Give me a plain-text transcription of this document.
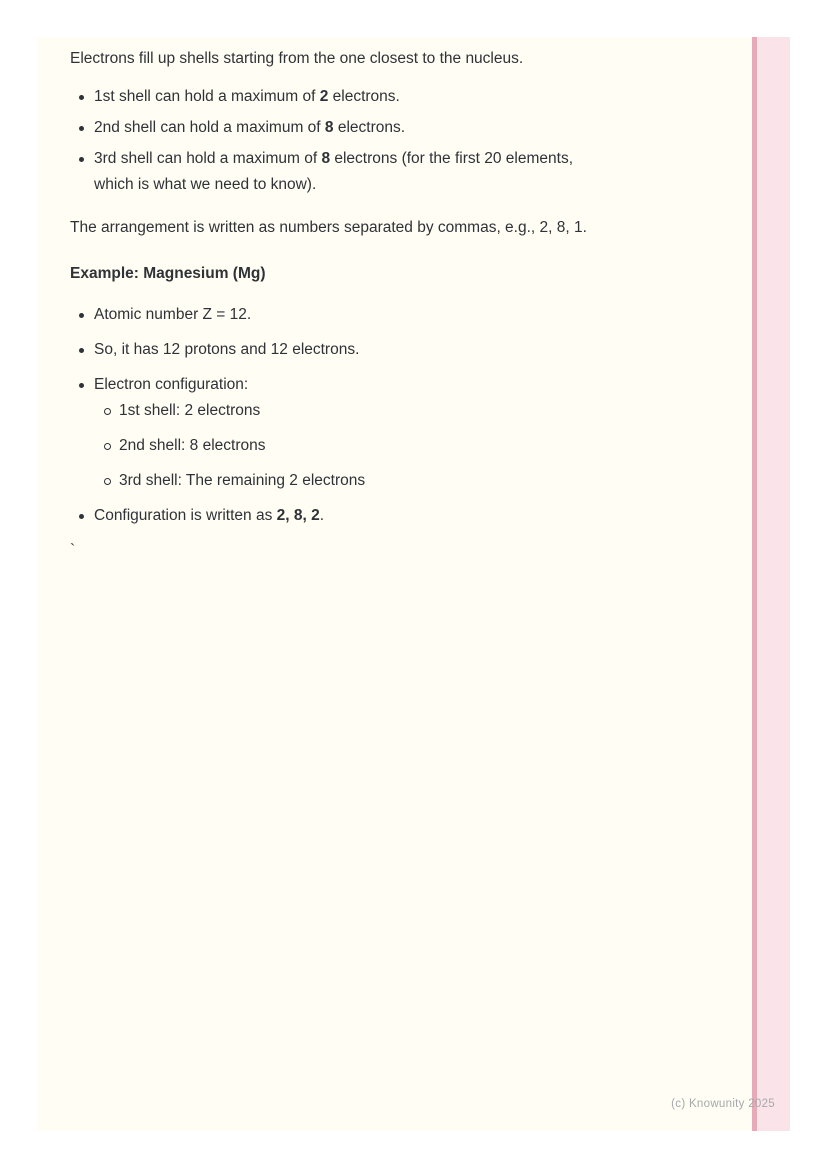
Electrons fill up shells starting from the one closest to the nucleus.

1st shell can hold a maximum of 2 electrons.
2nd shell can hold a maximum of 8 electrons.
3rd shell can hold a maximum of 8 electrons (for the first 20 elements,
which is what we need to know).

The arrangement is written as numbers separated by commas, e.g., 2, 8, 1.

Example: Magnesium (Mg)

Atomic number Z = 12.
So, it has 12 protons and 12 electrons.
Electron configuration:
1st shell: 2 electrons
2nd shell: 8 electrons
3rd shell: The remaining 2 electrons
Configuration is written as 2, 8, 2.

`

(c) Knowunity 2025
